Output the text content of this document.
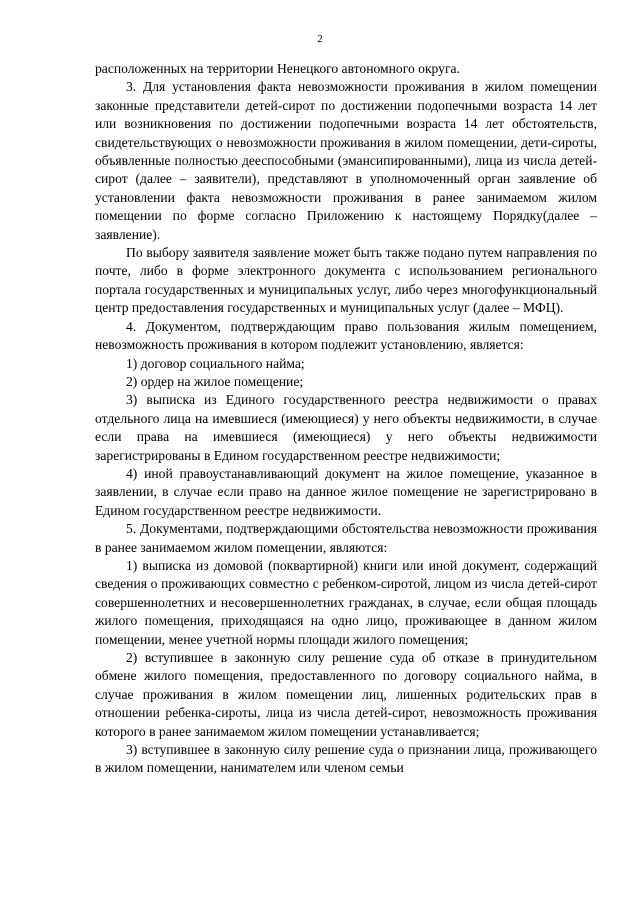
2

расположенных на территории Ненецкого автономного округа.

3. Для установления факта невозможности проживания в жилом помещении законные представители детей-сирот по достижении подопечными возраста 14 лет или возникновения по достижении подопечными возраста 14 лет обстоятельств, свидетельствующих о невозможности проживания в жилом помещении, дети-сироты, объявленные полностью дееспособными (эмансипированными), лица из числа детей-сирот (далее – заявители), представляют в уполномоченный орган заявление об установлении факта невозможности проживания в ранее занимаемом жилом помещении по форме согласно Приложению к настоящему Порядку(далее – заявление).

По выбору заявителя заявление может быть также подано путем направления по почте, либо в форме электронного документа с использованием регионального портала государственных и муниципальных услуг, либо через многофункциональный центр предоставления государственных и муниципальных услуг (далее – МФЦ).

4. Документом, подтверждающим право пользования жилым помещением, невозможность проживания в котором подлежит установлению, является:

1) договор социального найма;

2) ордер на жилое помещение;

3) выписка из Единого государственного реестра недвижимости о правах отдельного лица на имевшиеся (имеющиеся) у него объекты недвижимости, в случае если права на имевшиеся (имеющиеся) у него объекты недвижимости зарегистрированы в Едином государственном реестре недвижимости;

4) иной правоустанавливающий документ на жилое помещение, указанное в заявлении, в случае если право на данное жилое помещение не зарегистрировано в Едином государственном реестре недвижимости.

5. Документами, подтверждающими обстоятельства невозможности проживания в ранее занимаемом жилом помещении, являются:

1) выписка из домовой (поквартирной) книги или иной документ, содержащий сведения о проживающих совместно с ребенком-сиротой, лицом из числа детей-сирот совершеннолетних и несовершеннолетних гражданах, в случае, если общая площадь жилого помещения, приходящаяся на одно лицо, проживающее в данном жилом помещении, менее учетной нормы площади жилого помещения;

2) вступившее в законную силу решение суда об отказе в принудительном обмене жилого помещения, предоставленного по договору социального найма, в случае проживания в жилом помещении лиц, лишенных родительских прав в отношении ребенка-сироты, лица из числа детей-сирот, невозможность проживания которого в ранее занимаемом жилом помещении устанавливается;

3) вступившее в законную силу решение суда о признании лица, проживающего в жилом помещении, нанимателем или членом семьи
